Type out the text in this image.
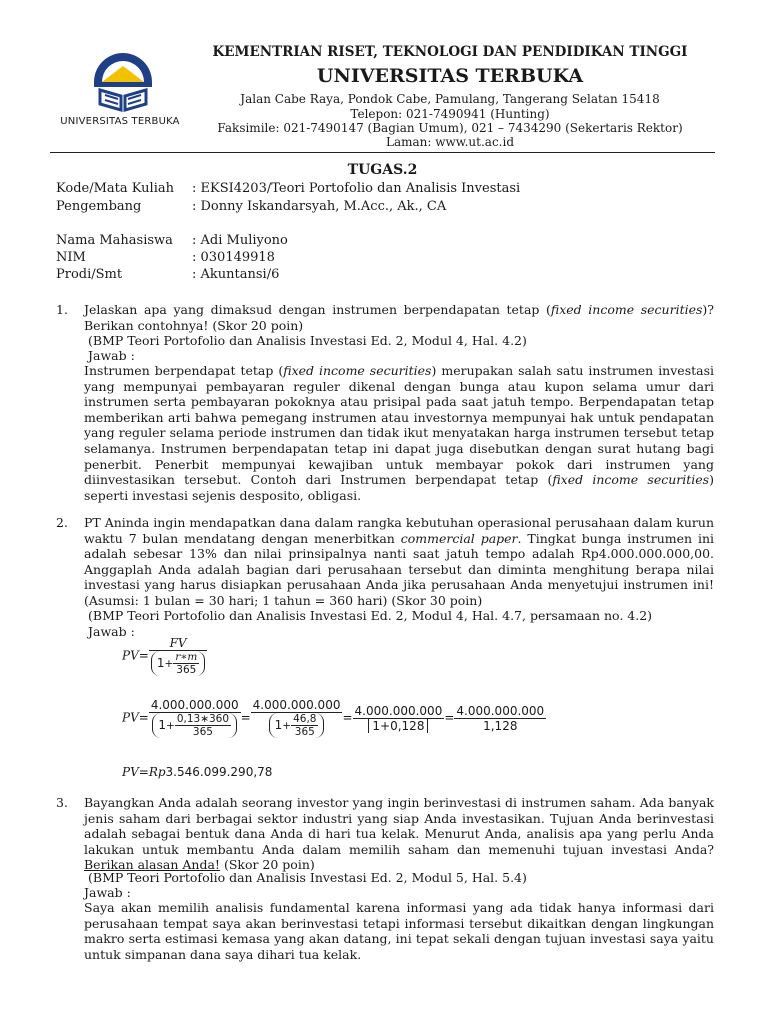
UNIVERSITAS TERBUKA
KEMENTRIAN RISET, TEKNOLOGI DAN PENDIDIKAN TINGGI
UNIVERSITAS TERBUKA
Jalan Cabe Raya, Pondok Cabe, Pamulang, Tangerang Selatan 15418
Telepon: 021-7490941 (Hunting)
Faksimile: 021-7490147 (Bagian Umum), 021 – 7434290 (Sekertaris Rektor)
Laman: www.ut.ac.id
TUGAS.2
Kode/Mata Kuliah	: EKSI4203/Teori Portofolio dan Analisis Investasi
Pengembang	: Donny Iskandarsyah, M.Acc., Ak., CA
Nama Mahasiswa	: Adi Muliyono
NIM	: 030149918
Prodi/Smt	: Akuntansi/6
1. Jelaskan apa yang dimaksud dengan instrumen berpendapatan tetap (fixed income securities)? Berikan contohnya! (Skor 20 poin)
(BMP Teori Portofolio dan Analisis Investasi Ed. 2, Modul 4, Hal. 4.2)
Jawab :
Instrumen berpendapat tetap (fixed income securities) merupakan salah satu instrumen investasi yang mempunyai pembayaran reguler dikenal dengan bunga atau kupon selama umur dari instrumen serta pembayaran pokoknya atau prisipal pada saat jatuh tempo. Berpendapatan tetap memberikan arti bahwa pemegang instrumen atau investornya mempunyai hak untuk pendapatan yang reguler selama periode instrumen dan tidak ikut menyatakan harga instrumen tersebut tetap selamanya. Instrumen berpendapatan tetap ini dapat juga disebutkan dengan surat hutang bagi penerbit. Penerbit mempunyai kewajiban untuk membayar pokok dari instrumen yang diinvestasikan tersebut. Contoh dari Instrumen berpendapat tetap (fixed income securities) seperti investasi sejenis desposito, obligasi.
2. PT Aninda ingin mendapatkan dana dalam rangka kebutuhan operasional perusahaan dalam kurun waktu 7 bulan mendatang dengan menerbitkan commercial paper. Tingkat bunga instrumen ini adalah sebesar 13% dan nilai prinsipalnya nanti saat jatuh tempo adalah Rp4.000.000.000,00. Anggaplah Anda adalah bagian dari perusahaan tersebut dan diminta menghitung berapa nilai investasi yang harus disiapkan perusahaan Anda jika perusahaan Anda menyetujui instrumen ini! (Asumsi: 1 bulan = 30 hari; 1 tahun = 360 hari) (Skor 30 poin)
(BMP Teori Portofolio dan Analisis Investasi Ed. 2, Modul 4, Hal. 4.7, persamaan no. 4.2)
Jawab :
$PV= \frac{FV}{1+ \frac{r∗m}{365}}$
$PV= \frac{4.000.000.000}{1+ \frac{0,13∗360}{365}} = \frac{4.000.000.000}{1+ \frac{46,8}{365}} = \frac{4.000.000.000}{1+0,128} = \frac{4.000.000.000}{1,128}$
PV=Rp3.546.099.290,78
3. Bayangkan Anda adalah seorang investor yang ingin berinvestasi di instrumen saham. Ada banyak jenis saham dari berbagai sektor industri yang siap Anda investasikan. Tujuan Anda berinvestasi adalah sebagai bentuk dana Anda di hari tua kelak. Menurut Anda, analisis apa yang perlu Anda lakukan untuk membantu Anda dalam memilih saham dan memenuhi tujuan investasi Anda? Berikan alasan Anda! (Skor 20 poin)
(BMP Teori Portofolio dan Analisis Investasi Ed. 2, Modul 5, Hal. 5.4)
Jawab :
Saya akan memilih analisis fundamental karena informasi yang ada tidak hanya informasi dari perusahaan tempat saya akan berinvestasi tetapi informasi tersebut dikaitkan dengan lingkungan makro serta estimasi kemasa yang akan datang, ini tepat sekali dengan tujuan investasi saya yaitu untuk simpanan dana saya dihari tua kelak.
